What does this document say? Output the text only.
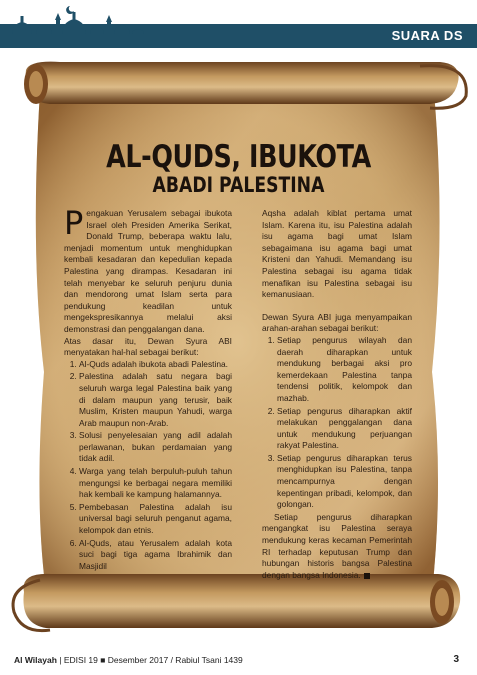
SUARA DS
AL-QUDS, IBUKOTA
ABADI PALESTINA

Pengakuan Yerusalem sebagai ibukota Israel oleh Presiden Amerika Serikat, Donald Trump, beberapa waktu lalu, menjadi momentum untuk menghidupkan kembali kesadaran dan kepedulian kepada Palestina yang dirampas. Kesadaran ini telah menyebar ke seluruh penjuru dunia dan mendorong umat Islam serta para pendukung keadilan untuk mengekspresikannya melalui aksi demonstrasi dan penggalangan dana.

Atas dasar itu, Dewan Syura ABI menyatakan hal-hal sebagai berikut:

1. Al-Quds adalah ibukota abadi Palestina.
2. Palestina adalah satu negara bagi seluruh warga legal Palestina baik yang di dalam maupun yang terusir, baik Muslim, Kristen maupun Yahudi, warga Arab maupun non-Arab.
3. Solusi penyelesaian yang adil adalah perlawanan, bukan perdamaian yang tidak adil.
4. Warga yang telah berpuluh-puluh tahun mengungsi ke berbagai negara memiliki hak kembali ke kampung halamannya.
5. Pembebasan Palestina adalah isu universal bagi seluruh penganut agama, kelompok dan etnis.
6. Al-Quds, atau Yerusalem adalah kota suci bagi tiga agama Ibrahimik dan Masjidil

Aqsha adalah kiblat pertama umat Islam. Karena itu, isu Palestina adalah isu agama bagi umat Islam sebagaimana isu agama bagi umat Kristeni dan Yahudi. Memandang isu Palestina sebagai isu agama tidak menafikan isu Palestina sebagai isu kemanusiaan.

Dewan Syura ABI juga menyampaikan arahan-arahan sebagai berikut:

1. Setiap pengurus wilayah dan daerah diharapkan untuk mendukung berbagai aksi pro kemerdekaan Palestina tanpa tendensi politik, kelompok dan mazhab.
2. Setiap pengurus diharapkan aktif melakukan penggalangan dana untuk mendukung perjuangan rakyat Palestina.
3. Setiap pengurus diharapkan terus menghidupkan isu Palestina, tanpa mencampurnya dengan kepentingan pribadi, kelompok, dan golongan.

Setiap pengurus diharapkan mengangkat isu Palestina seraya mendukung keras kecaman Pemerintah RI terhadap keputusan Trump dan hubungan historis bangsa Palestina dengan bangsa Indonesia.

Al Wilayah | EDISI 19 ■ Desember 2017 / Rabiul Tsani 1439	3
